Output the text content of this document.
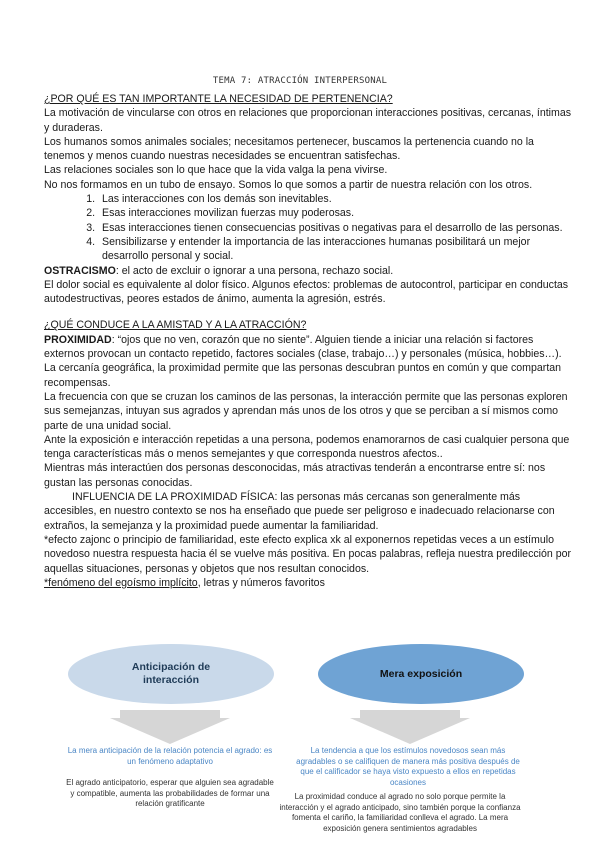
TEMA 7: ATRACCIÓN INTERPERSONAL

¿POR QUÉ ES TAN IMPORTANTE LA NECESIDAD DE PERTENENCIA?

La motivación de vincularse con otros en relaciones que proporcionan interacciones positivas, cercanas, íntimas y duraderas.

Los humanos somos animales sociales; necesitamos pertenecer, buscamos la pertenencia cuando no la tenemos y menos cuando nuestras necesidades se encuentran satisfechas.

Las relaciones sociales son lo que hace que la vida valga la pena vivirse.

No nos formamos en un tubo de ensayo. Somos lo que somos a partir de nuestra relación con los otros.

1. Las interacciones con los demás son inevitables.
2. Esas interacciones movilizan fuerzas muy poderosas.
3. Esas interacciones tienen consecuencias positivas o negativas para el desarrollo de las personas.
4. Sensibilizarse y entender la importancia de las interacciones humanas posibilitará un mejor desarrollo personal y social.

OSTRACISMO: el acto de excluir o ignorar a una persona, rechazo social.

El dolor social es equivalente al dolor físico. Algunos efectos: problemas de autocontrol, participar en conductas autodestructivas, peores estados de ánimo, aumenta la agresión, estrés.

¿QUÉ CONDUCE A LA AMISTAD Y A LA ATRACCIÓN?

PROXIMIDAD: “ojos que no ven, corazón que no siente”. Alguien tiende a iniciar una relación si factores externos provocan un contacto repetido, factores sociales (clase, trabajo…) y personales (música, hobbies…).

La cercanía geográfica, la proximidad permite que las personas descubran puntos en común y que compartan recompensas.

La frecuencia con que se cruzan los caminos de las personas, la interacción permite que las personas exploren sus semejanzas, intuyan sus agrados y aprendan más unos de los otros y que se perciban a sí mismos como parte de una unidad social.

Ante la exposición e interacción repetidas a una persona, podemos enamorarnos de casi cualquier persona que tenga características más o menos semejantes y que corresponda nuestros afectos..

Mientras más interactúen dos personas desconocidas, más atractivas tenderán a encontrarse entre sí: nos gustan las personas conocidas.

INFLUENCIA DE LA PROXIMIDAD FÍSICA: las personas más cercanas son generalmente más accesibles, en nuestro contexto se nos ha enseñado que puede ser peligroso e inadecuado relacionarse con extraños, la semejanza y la proximidad puede aumentar la familiaridad.

*efecto zajonc o principio de familiaridad, este efecto explica xk al exponernos repetidas veces a un estímulo novedoso nuestra respuesta hacia él se vuelve más positiva. En pocas palabras, refleja nuestra predilección por aquellas situaciones, personas y objetos que nos resultan conocidos.

*fenómeno del egoísmo implícito, letras y números favoritos

Anticipación de interacción
Mera exposición
La mera anticipación de la relación potencia el agrado: es un fenómeno adaptativo
El agrado anticipatorio, esperar que alguien sea agradable y compatible, aumenta las probabilidades de formar una relación gratificante
La tendencia a que los estímulos novedosos sean más agradables o se califiquen de manera más positiva después de que el calificador se haya visto expuesto a ellos en repetidas ocasiones
La proximidad conduce al agrado no solo porque permite la interacción y el agrado anticipado, sino también porque la confianza fomenta el cariño, la familiaridad conlleva el agrado. La mera exposición genera sentimientos agradables
